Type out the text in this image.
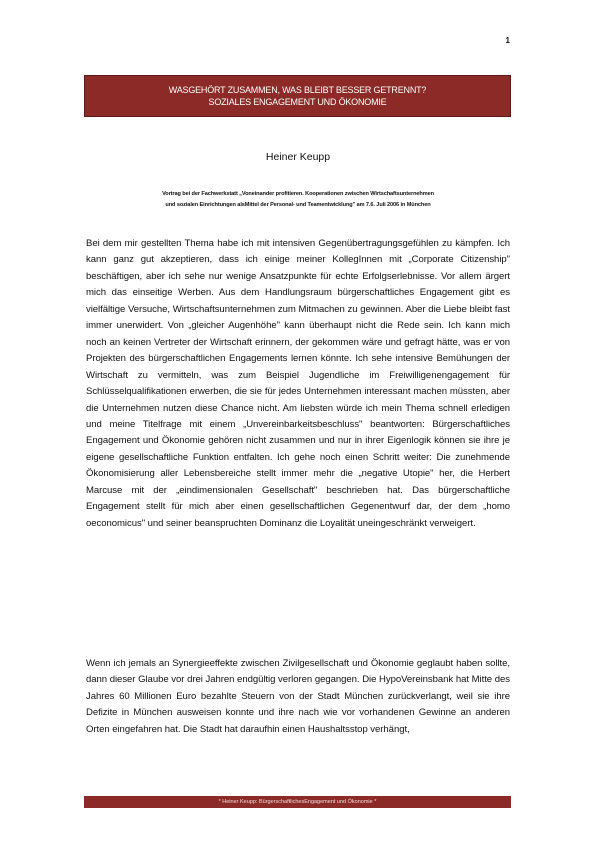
1
WASGEHÖRT ZUSAMMEN, WAS BLEIBT BESSER GETRENNT?
SOZIALES ENGAGEMENT UND ÖKONOMIE
Heiner Keupp
Vortrag bei der Fachwerkstatt „Voneinander profitieren. Kooperationen zwischen Wirtschaftsunternehmen
und sozialen Einrichtungen alsMittel der Personal- und Teamentwicklung" am 7.6. Juli 2006 in München
Bei dem mir gestellten Thema habe ich mit intensiven Gegenübertragungsgefühlen zu kämpfen. Ich kann ganz gut akzeptieren, dass ich einige meiner KollegInnen mit „Corporate Citizenship" beschäftigen, aber ich sehe nur wenige Ansatzpunkte für echte Erfolgserlebnisse. Vor allem ärgert mich das einseitige Werben. Aus dem Handlungsraum bürgerschaftliches Engagement gibt es vielfältige Versuche, Wirtschaftsunternehmen zum Mitmachen zu gewinnen. Aber die Liebe bleibt fast immer unerwidert. Von „gleicher Augenhöhe" kann überhaupt nicht die Rede sein. Ich kann mich noch an keinen Vertreter der Wirtschaft erinnern, der gekommen wäre und gefragt hätte, was er von Projekten des bürgerschaftlichen Engagements lernen könnte. Ich sehe intensive Bemühungen der Wirtschaft zu vermitteln, was zum Beispiel Jugendliche im Freiwilligenengagement für Schlüsselqualifikationen erwerben, die sie für jedes Unternehmen interessant machen müssten, aber die Unternehmen nutzen diese Chance nicht. Am liebsten würde ich mein Thema schnell erledigen und meine Titelfrage mit einem „Unvereinbarkeitsbeschluss" beantworten: Bürgerschaftliches Engagement und Ökonomie gehören nicht zusammen und nur in ihrer Eigenlogik können sie ihre je eigene gesellschaftliche Funktion entfalten. Ich gehe noch einen Schritt weiter: Die zunehmende Ökonomisierung aller Lebensbereiche stellt immer mehr die „negative Utopie" her, die Herbert Marcuse mit der „eindimensionalen Gesellschaft" beschrieben hat. Das bürgerschaftliche Engagement stellt für mich aber einen gesellschaftlichen Gegenentwurf dar, der dem „homo oeconomicus" und seiner beanspruchten Dominanz die Loyalität uneingeschränkt verweigert.
Wenn ich jemals an Synergieeffekte zwischen Zivilgesellschaft und Ökonomie geglaubt haben sollte, dann dieser Glaube vor drei Jahren endgültig verloren gegangen. Die HypoVereinsbank hat Mitte des Jahres 60 Millionen Euro bezahlte Steuern von der Stadt München zurückverlangt, weil sie ihre Defizite in München ausweisen konnte und ihre nach wie vor vorhandenen Gewinne an anderen Orten eingefahren hat. Die Stadt hat daraufhin einen Haushaltsstop verhängt,
* Heiner Keupp: BürgerschaftlichesEngagement und Ökonomie *
